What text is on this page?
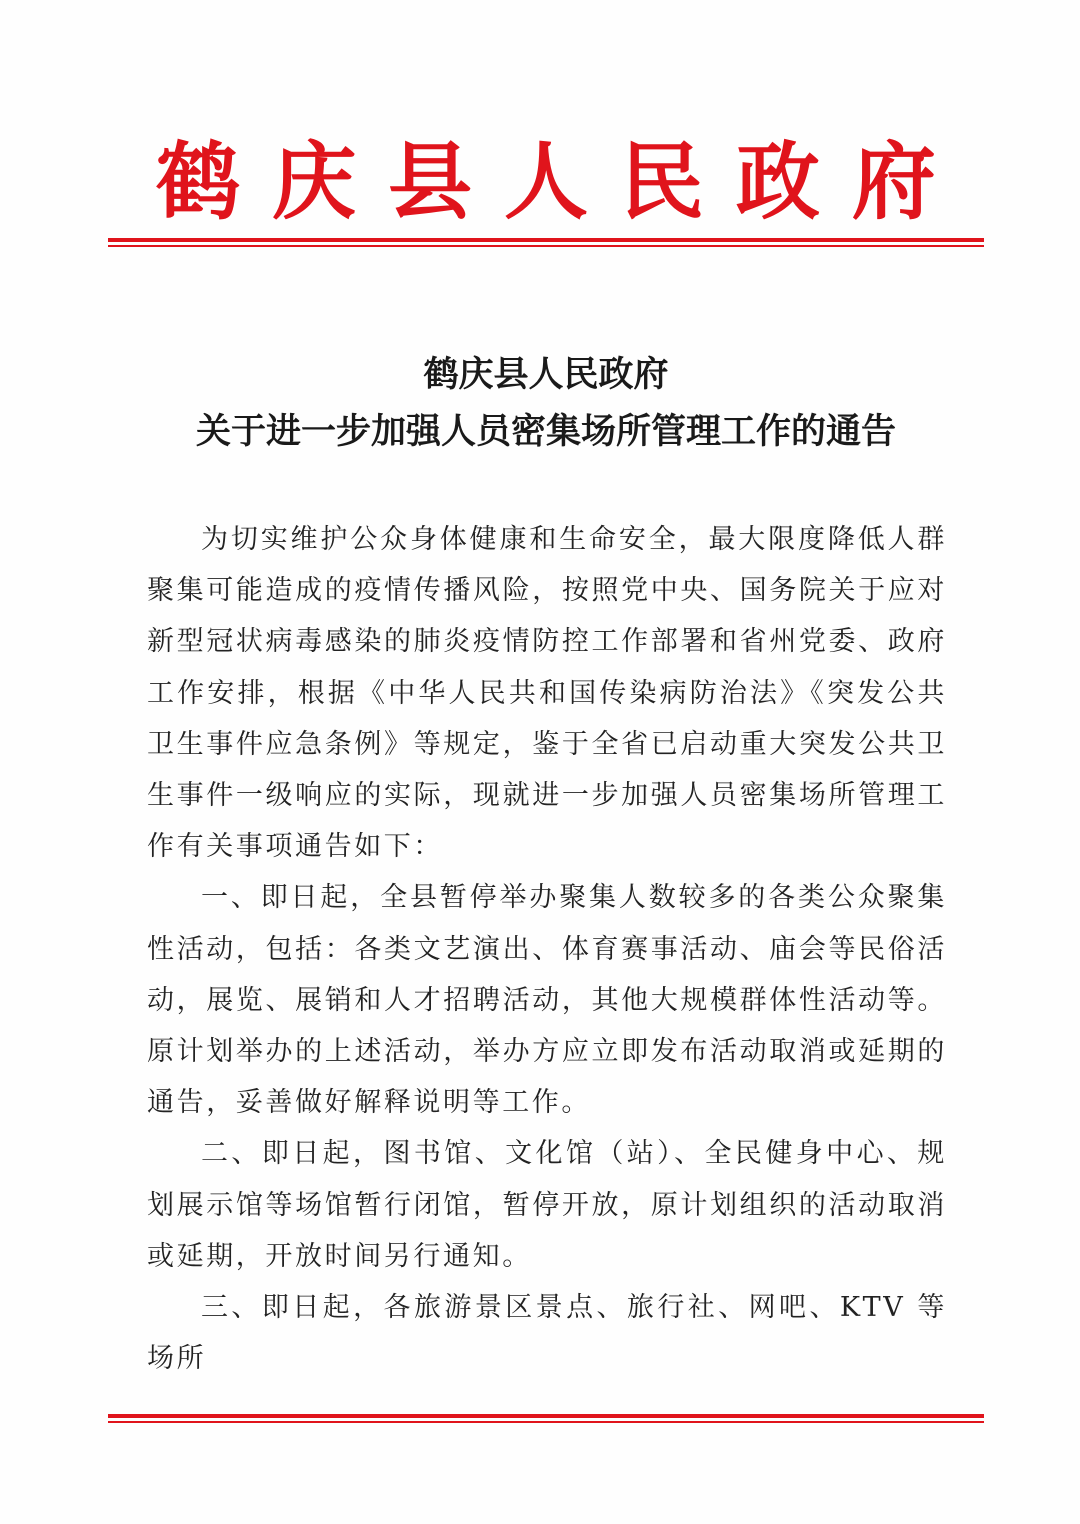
鹤 庆 县 人 民 政 府
鹤庆县人民政府
关于进一步加强人员密集场所管理工作的通告

为切实维护公众身体健康和生命安全，最大限度降低人群聚集可能造成的疫情传播风险，按照党中央、国务院关于应对新型冠状病毒感染的肺炎疫情防控工作部署和省州党委、政府工作安排，根据《中华人民共和国传染病防治法》《突发公共卫生事件应急条例》等规定，鉴于全省已启动重大突发公共卫生事件一级响应的实际，现就进一步加强人员密集场所管理工作有关事项通告如下：

一、即日起，全县暂停举办聚集人数较多的各类公众聚集性活动，包括：各类文艺演出、体育赛事活动、庙会等民俗活动，展览、展销和人才招聘活动，其他大规模群体性活动等。原计划举办的上述活动，举办方应立即发布活动取消或延期的通告，妥善做好解释说明等工作。

二、即日起，图书馆、文化馆（站）、全民健身中心、规划展示馆等场馆暂行闭馆，暂停开放，原计划组织的活动取消或延期，开放时间另行通知。

三、即日起，各旅游景区景点、旅行社、网吧、KTV 等场所
